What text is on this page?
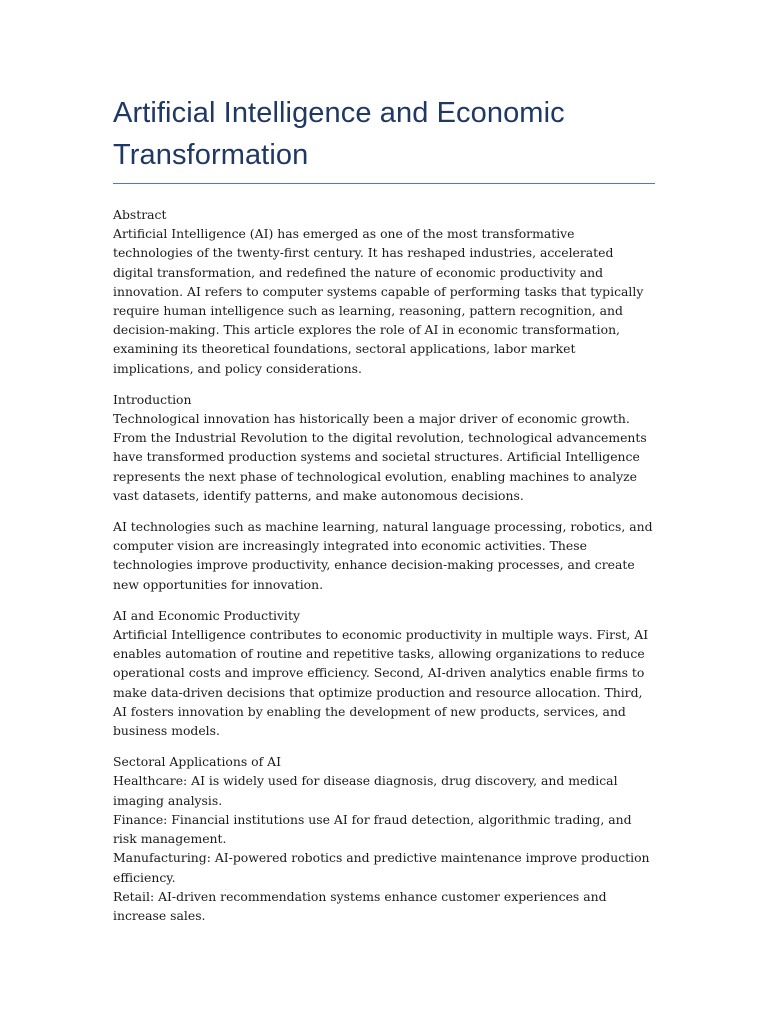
Artificial Intelligence and Economic Transformation

Abstract

Artificial Intelligence (AI) has emerged as one of the most transformative technologies of the twenty-first century. It has reshaped industries, accelerated digital transformation, and redefined the nature of economic productivity and innovation. AI refers to computer systems capable of performing tasks that typically require human intelligence such as learning, reasoning, pattern recognition, and decision-making. This article explores the role of AI in economic transformation, examining its theoretical foundations, sectoral applications, labor market implications, and policy considerations.

Introduction

Technological innovation has historically been a major driver of economic growth. From the Industrial Revolution to the digital revolution, technological advancements have transformed production systems and societal structures. Artificial Intelligence represents the next phase of technological evolution, enabling machines to analyze vast datasets, identify patterns, and make autonomous decisions.

AI technologies such as machine learning, natural language processing, robotics, and computer vision are increasingly integrated into economic activities. These technologies improve productivity, enhance decision-making processes, and create new opportunities for innovation.

AI and Economic Productivity

Artificial Intelligence contributes to economic productivity in multiple ways. First, AI enables automation of routine and repetitive tasks, allowing organizations to reduce operational costs and improve efficiency. Second, AI-driven analytics enable firms to make data-driven decisions that optimize production and resource allocation. Third, AI fosters innovation by enabling the development of new products, services, and business models.

Sectoral Applications of AI

Healthcare: AI is widely used for disease diagnosis, drug discovery, and medical imaging analysis.

Finance: Financial institutions use AI for fraud detection, algorithmic trading, and risk management.

Manufacturing: AI-powered robotics and predictive maintenance improve production efficiency.

Retail: AI-driven recommendation systems enhance customer experiences and increase sales.
